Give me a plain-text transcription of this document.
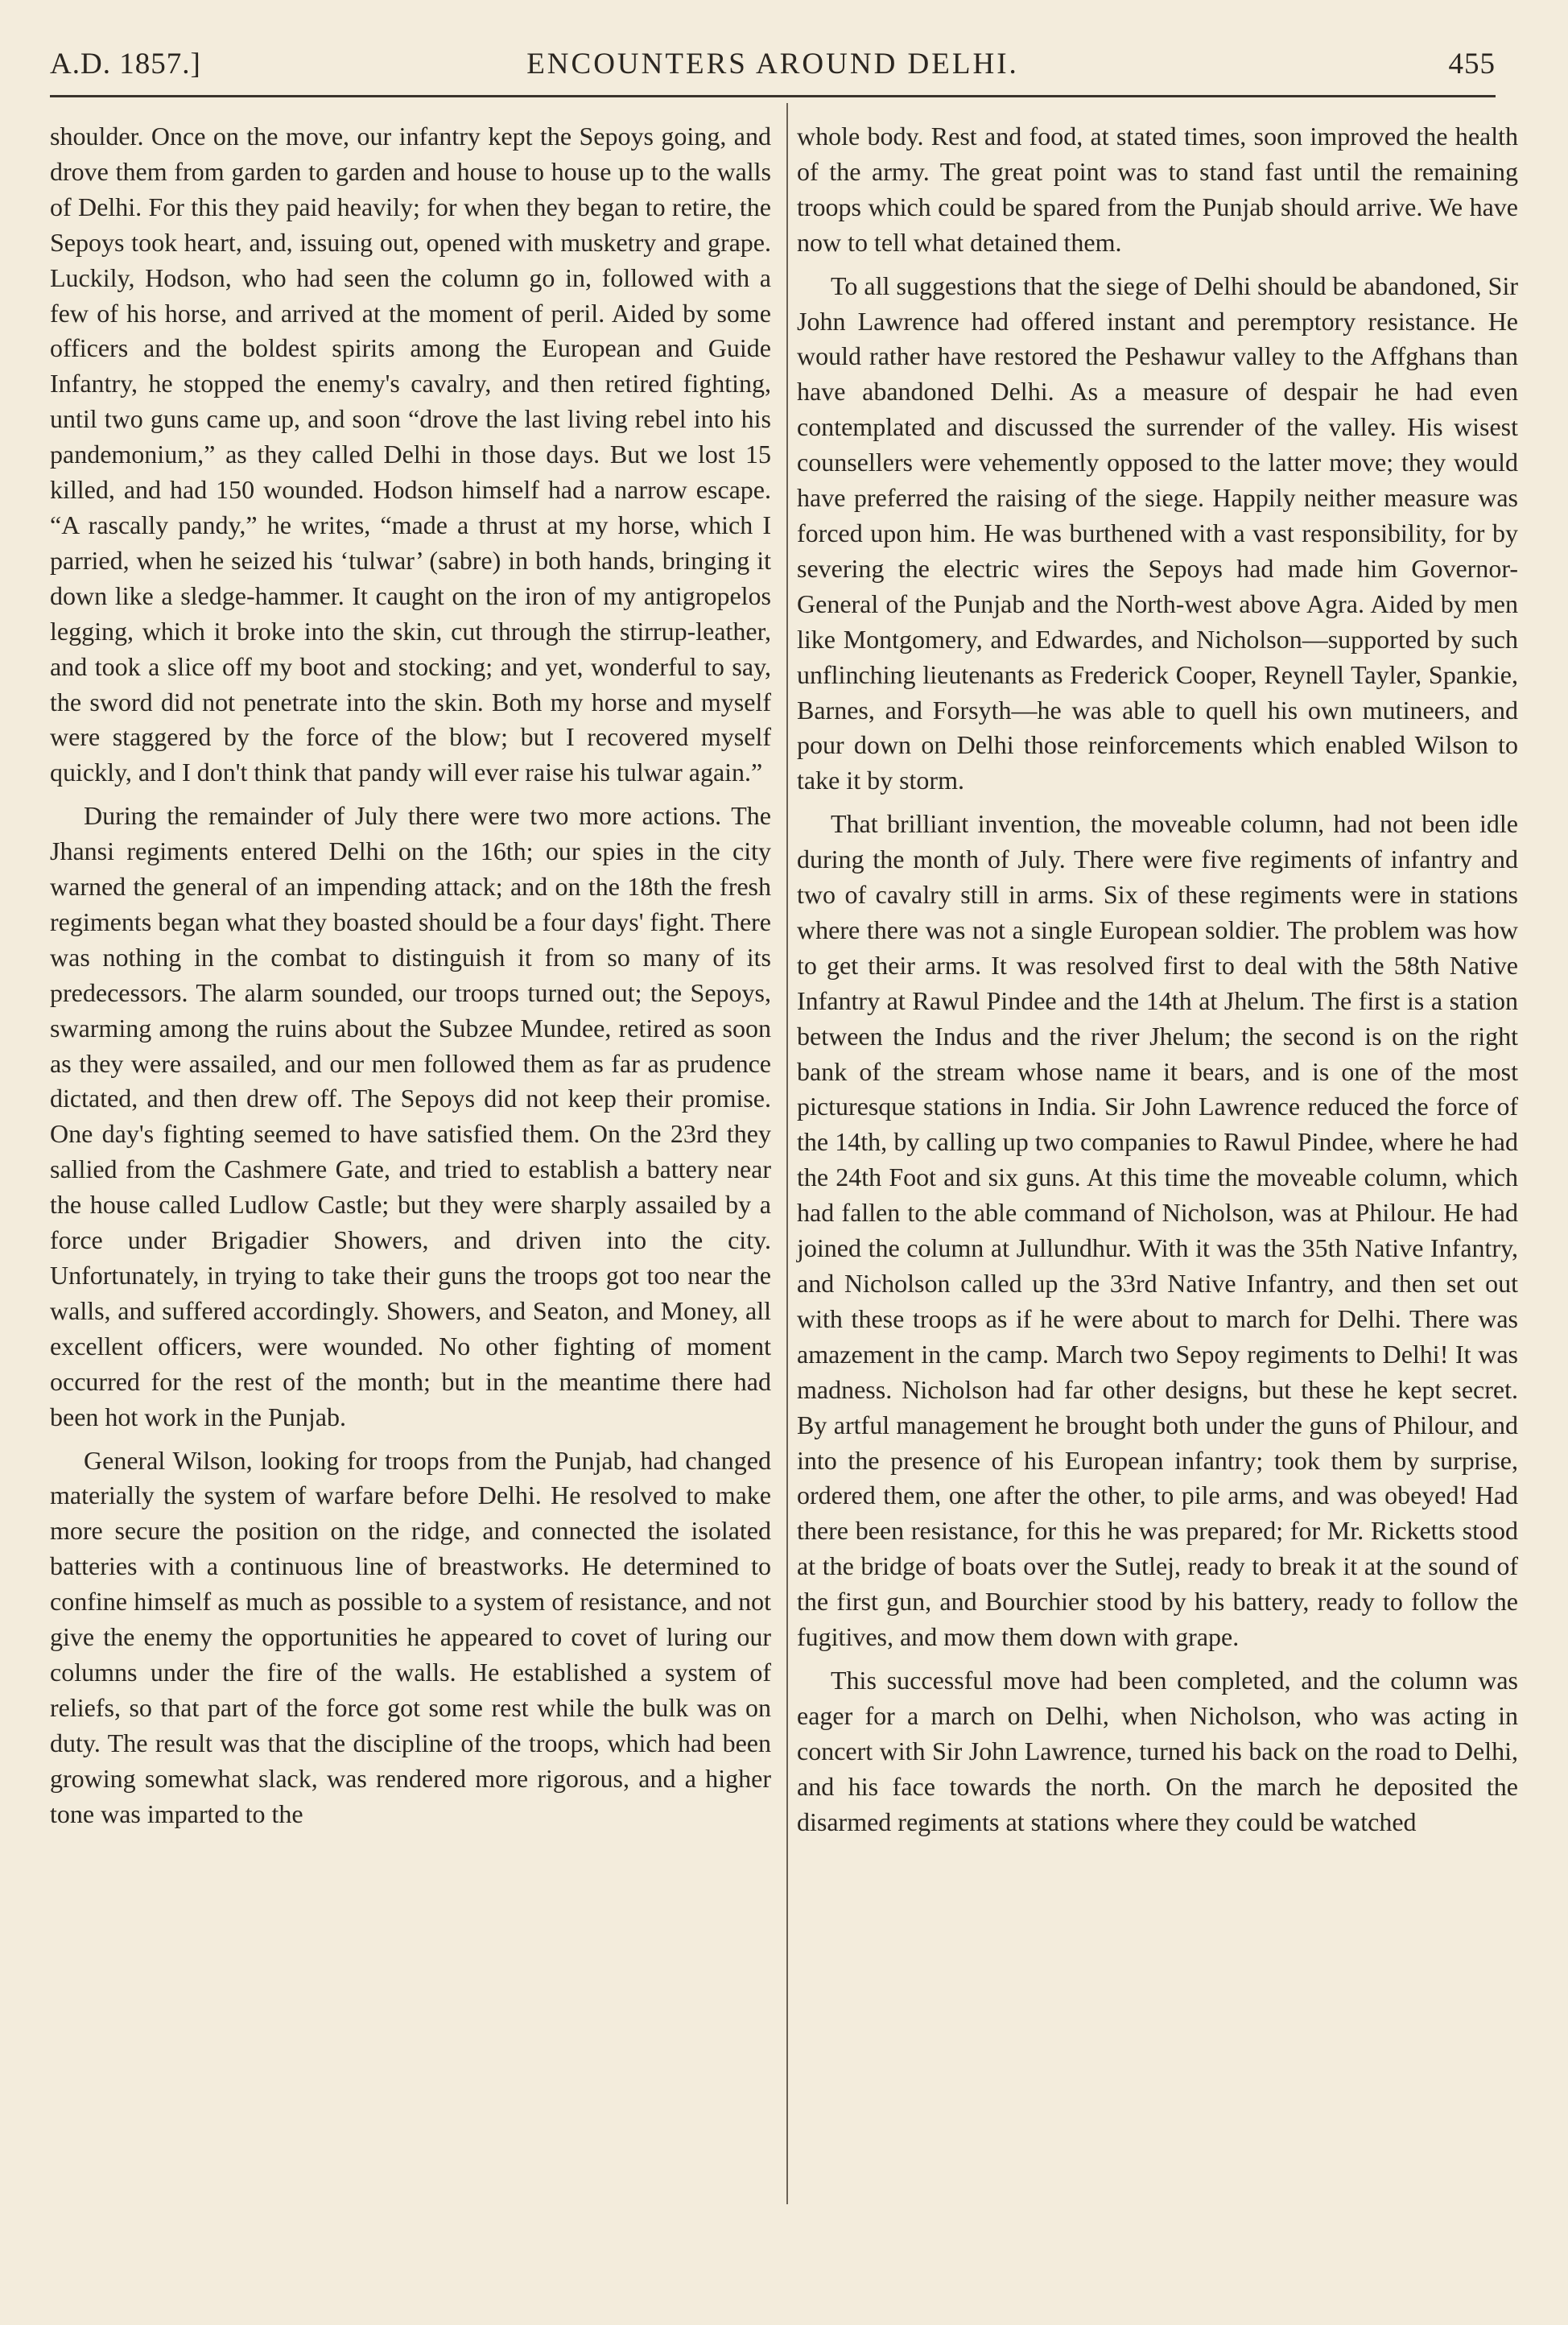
A.D. 1857.]	ENCOUNTERS AROUND DELHI.	455

shoulder. Once on the move, our infantry kept the Sepoys going, and drove them from garden to garden and house to house up to the walls of Delhi. For this they paid heavily; for when they began to retire, the Sepoys took heart, and, issuing out, opened with musketry and grape. Luckily, Hodson, who had seen the column go in, followed with a few of his horse, and arrived at the moment of peril. Aided by some officers and the boldest spirits among the European and Guide Infantry, he stopped the enemy's cavalry, and then retired fighting, until two guns came up, and soon “drove the last living rebel into his pandemonium,” as they called Delhi in those days. But we lost 15 killed, and had 150 wounded. Hodson himself had a narrow escape. “A rascally pandy,” he writes, “made a thrust at my horse, which I parried, when he seized his ‘tulwar’ (sabre) in both hands, bringing it down like a sledge-hammer. It caught on the iron of my antigropelos legging, which it broke into the skin, cut through the stirrup-leather, and took a slice off my boot and stocking; and yet, wonderful to say, the sword did not penetrate into the skin. Both my horse and myself were staggered by the force of the blow; but I recovered myself quickly, and I don't think that pandy will ever raise his tulwar again.”

During the remainder of July there were two more actions. The Jhansi regiments entered Delhi on the 16th; our spies in the city warned the general of an impending attack; and on the 18th the fresh regiments began what they boasted should be a four days' fight. There was nothing in the combat to distinguish it from so many of its predecessors. The alarm sounded, our troops turned out; the Sepoys, swarming among the ruins about the Subzee Mundee, retired as soon as they were assailed, and our men followed them as far as prudence dictated, and then drew off. The Sepoys did not keep their promise. One day's fighting seemed to have satisfied them. On the 23rd they sallied from the Cashmere Gate, and tried to establish a battery near the house called Ludlow Castle; but they were sharply assailed by a force under Brigadier Showers, and driven into the city. Unfortunately, in trying to take their guns the troops got too near the walls, and suffered accordingly. Showers, and Seaton, and Money, all excellent officers, were wounded. No other fighting of moment occurred for the rest of the month; but in the meantime there had been hot work in the Punjab.

General Wilson, looking for troops from the Punjab, had changed materially the system of warfare before Delhi. He resolved to make more secure the position on the ridge, and connected the isolated batteries with a continuous line of breastworks. He determined to confine himself as much as possible to a system of resistance, and not give the enemy the opportunities he appeared to covet of luring our columns under the fire of the walls. He established a system of reliefs, so that part of the force got some rest while the bulk was on duty. The result was that the discipline of the troops, which had been growing somewhat slack, was rendered more rigorous, and a higher tone was imparted to the

whole body. Rest and food, at stated times, soon improved the health of the army. The great point was to stand fast until the remaining troops which could be spared from the Punjab should arrive. We have now to tell what detained them.

To all suggestions that the siege of Delhi should be abandoned, Sir John Lawrence had offered instant and peremptory resistance. He would rather have restored the Peshawur valley to the Affghans than have abandoned Delhi. As a measure of despair he had even contemplated and discussed the surrender of the valley. His wisest counsellers were vehemently opposed to the latter move; they would have preferred the raising of the siege. Happily neither measure was forced upon him. He was burthened with a vast responsibility, for by severing the electric wires the Sepoys had made him Governor-General of the Punjab and the North-west above Agra. Aided by men like Montgomery, and Edwardes, and Nicholson—supported by such unflinching lieutenants as Frederick Cooper, Reynell Tayler, Spankie, Barnes, and Forsyth—he was able to quell his own mutineers, and pour down on Delhi those reinforcements which enabled Wilson to take it by storm.

That brilliant invention, the moveable column, had not been idle during the month of July. There were five regiments of infantry and two of cavalry still in arms. Six of these regiments were in stations where there was not a single European soldier. The problem was how to get their arms. It was resolved first to deal with the 58th Native Infantry at Rawul Pindee and the 14th at Jhelum. The first is a station between the Indus and the river Jhelum; the second is on the right bank of the stream whose name it bears, and is one of the most picturesque stations in India. Sir John Lawrence reduced the force of the 14th, by calling up two companies to Rawul Pindee, where he had the 24th Foot and six guns. At this time the moveable column, which had fallen to the able command of Nicholson, was at Philour. He had joined the column at Jullundhur. With it was the 35th Native Infantry, and Nicholson called up the 33rd Native Infantry, and then set out with these troops as if he were about to march for Delhi. There was amazement in the camp. March two Sepoy regiments to Delhi! It was madness. Nicholson had far other designs, but these he kept secret. By artful management he brought both under the guns of Philour, and into the presence of his European infantry; took them by surprise, ordered them, one after the other, to pile arms, and was obeyed! Had there been resistance, for this he was prepared; for Mr. Ricketts stood at the bridge of boats over the Sutlej, ready to break it at the sound of the first gun, and Bourchier stood by his battery, ready to follow the fugitives, and mow them down with grape.

This successful move had been completed, and the column was eager for a march on Delhi, when Nicholson, who was acting in concert with Sir John Lawrence, turned his back on the road to Delhi, and his face towards the north. On the march he deposited the disarmed regiments at stations where they could be watched
